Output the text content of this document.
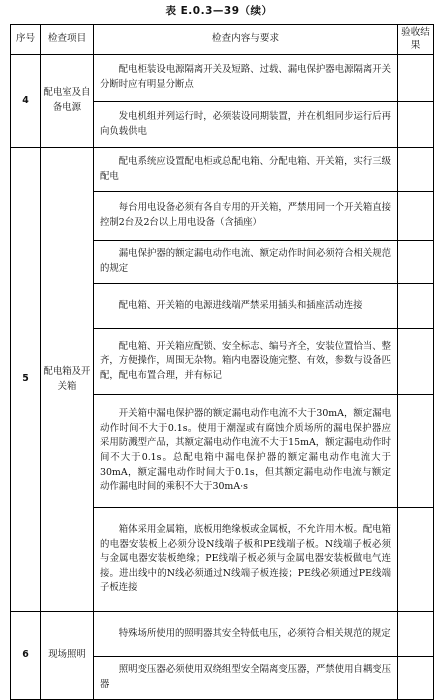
表 E.0.3—39（续）
序号	检查项目	检查内容与要求	验收结果
4	配电室及自备电源	配电柜装设电源隔离开关及短路、过载、漏电保护器电源隔离开关分断时应有明显分断点	

		发电机组并列运行时，必须装设同期装置，并在机组同步运行后再向负载供电	

5	配电箱及开关箱	配电系统应设置配电柜或总配电箱、分配电箱、开关箱，实行三级配电	

		每台用电设备必须有各自专用的开关箱，严禁用同一个开关箱直接控制2台及2台以上用电设备（含插座）	

		漏电保护器的额定漏电动作电流、额定动作时间必须符合相关规范的规定	

		配电箱、开关箱的电源进线端严禁采用插头和插座活动连接	

		配电箱、开关箱应配锁、安全标志、编号齐全，安装位置恰当、整齐，方便操作，周围无杂物。箱内电器设施完整、有效，参数与设备匹配，配电布置合理，并有标记	

		开关箱中漏电保护器的额定漏电动作电流不大于30mA，额定漏电动作时间不大于0.1s。使用于潮湿或有腐蚀介质场所的漏电保护器应采用防溅型产品，其额定漏电动作电流不大于15mA，额定漏电动作时间不大于0.1s。总配电箱中漏电保护器的额定漏电动作电流大于30mA，额定漏电动作时间大于0.1s，但其额定漏电动作电流与额定动作漏电时间的乘积不大于30mA·s	

		箱体采用金属箱，底板用绝缘板或金属板，不允许用木板。配电箱的电器安装板上必须分设N线端子板和PE线端子板。N线端子板必须与金属电器安装板绝缘；PE线端子板必须与金属电器安装板做电气连接。进出线中的N线必须通过N线端子板连接；PE线必须通过PE线端子板连接	

6	现场照明	特殊场所使用的照明器其安全特低电压，必须符合相关规范的规定	

		照明变压器必须使用双绕组型安全隔离变压器，严禁使用自耦变压器	
